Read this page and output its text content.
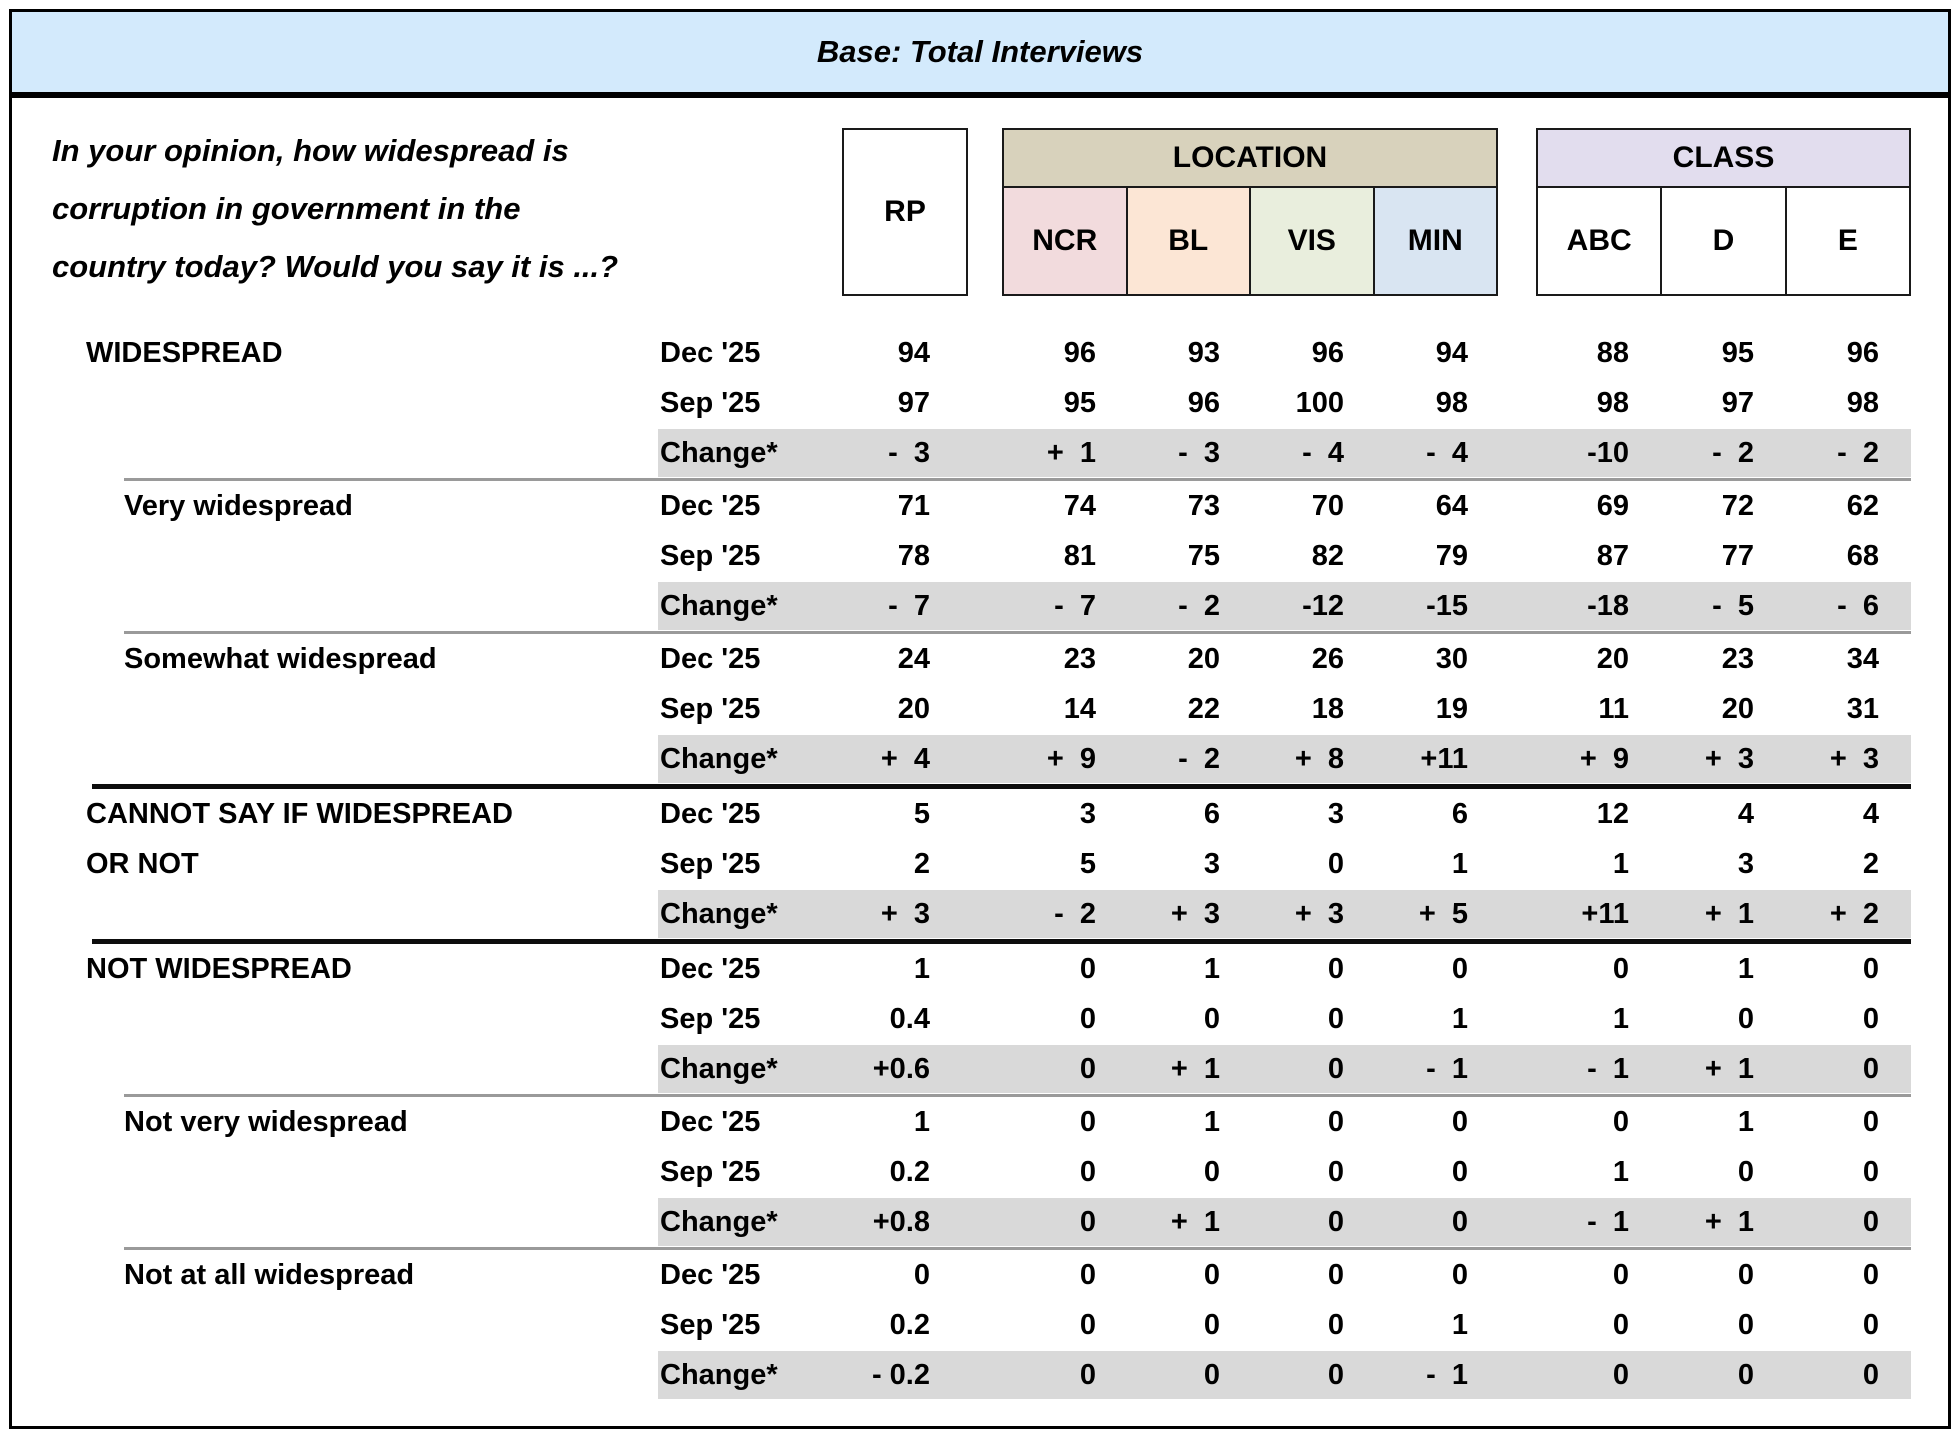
Base: Total Interviews
In your opinion, how widespread is
corruption in government in the
country today? Would you say it is ...?
RP
LOCATION
NCR	BL	VIS	MIN
CLASS
ABC	D	E
WIDESPREAD	Dec '25	94	96	93	96	94	88	95	96
Sep '25	97	95	96	100	98	98	97	98
Change*	-  3	+  1	-  3	-  4	-  4	-10	-  2	-  2
Very widespread	Dec '25	71	74	73	70	64	69	72	62
Sep '25	78	81	75	82	79	87	77	68
Change*	-  7	-  7	-  2	-12	-15	-18	-  5	-  6
Somewhat widespread	Dec '25	24	23	20	26	30	20	23	34
Sep '25	20	14	22	18	19	11	20	31
Change*	+  4	+  9	-  2	+  8	+11	+  9	+  3	+  3
CANNOT SAY IF WIDESPREAD	Dec '25	5	3	6	3	6	12	4	4
OR NOT	Sep '25	2	5	3	0	1	1	3	2
Change*	+  3	-  2	+  3	+  3	+  5	+11	+  1	+  2
NOT WIDESPREAD	Dec '25	1	0	1	0	0	0	1	0
Sep '25	0.4	0	0	0	1	1	0	0
Change*	+0.6	0	+  1	0	-  1	-  1	+  1	0
Not very widespread	Dec '25	1	0	1	0	0	0	1	0
Sep '25	0.2	0	0	0	0	1	0	0
Change*	+0.8	0	+  1	0	0	-  1	+  1	0
Not at all widespread	Dec '25	0	0	0	0	0	0	0	0
Sep '25	0.2	0	0	0	1	0	0	0
Change*	- 0.2	0	0	0	-  1	0	0	0
